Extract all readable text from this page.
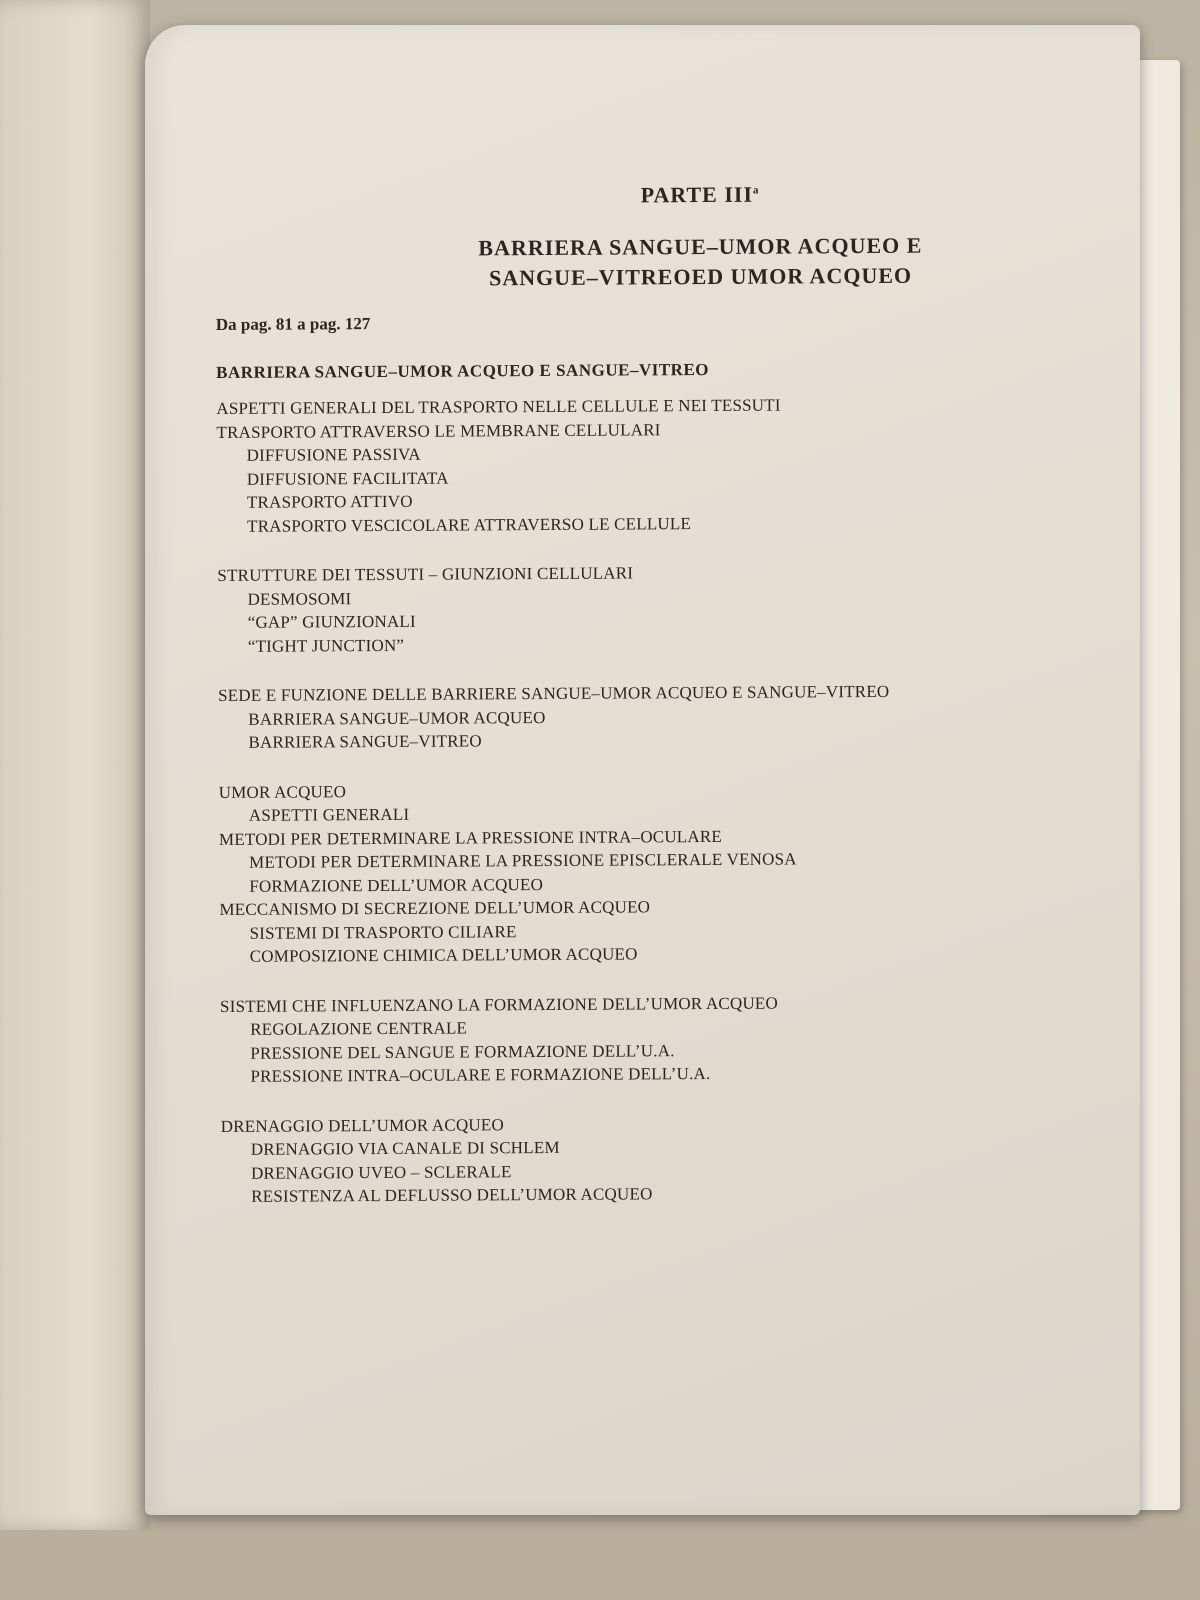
PARTE III$^a$
BARRIERA SANGUE–UMOR ACQUEO E
SANGUE–VITREOED UMOR ACQUEO
Da pag. 81 a pag. 127
BARRIERA SANGUE–UMOR ACQUEO E SANGUE–VITREO
ASPETTI GENERALI DEL TRASPORTO NELLE CELLULE E NEI TESSUTI
TRASPORTO ATTRAVERSO LE MEMBRANE CELLULARI
DIFFUSIONE PASSIVA
DIFFUSIONE FACILITATA
TRASPORTO ATTIVO
TRASPORTO VESCICOLARE ATTRAVERSO LE CELLULE
STRUTTURE DEI TESSUTI – GIUNZIONI CELLULARI
DESMOSOMI
“GAP” GIUNZIONALI
“TIGHT JUNCTION”
SEDE E FUNZIONE DELLE BARRIERE SANGUE–UMOR ACQUEO E SANGUE–VITREO
BARRIERA SANGUE–UMOR ACQUEO
BARRIERA SANGUE–VITREO
UMOR ACQUEO
ASPETTI GENERALI
METODI PER DETERMINARE LA PRESSIONE INTRA–OCULARE
METODI PER DETERMINARE LA PRESSIONE EPISCLERALE VENOSA
FORMAZIONE DELL’UMOR ACQUEO
MECCANISMO DI SECREZIONE DELL’UMOR ACQUEO
SISTEMI DI TRASPORTO CILIARE
COMPOSIZIONE CHIMICA DELL’UMOR ACQUEO
SISTEMI CHE INFLUENZANO LA FORMAZIONE DELL’UMOR ACQUEO
REGOLAZIONE CENTRALE
PRESSIONE DEL SANGUE E FORMAZIONE DELL’U.A.
PRESSIONE INTRA–OCULARE E FORMAZIONE DELL’U.A.
DRENAGGIO DELL’UMOR ACQUEO
DRENAGGIO VIA CANALE DI SCHLEM
DRENAGGIO UVEO – SCLERALE
RESISTENZA AL DEFLUSSO DELL’UMOR ACQUEO
